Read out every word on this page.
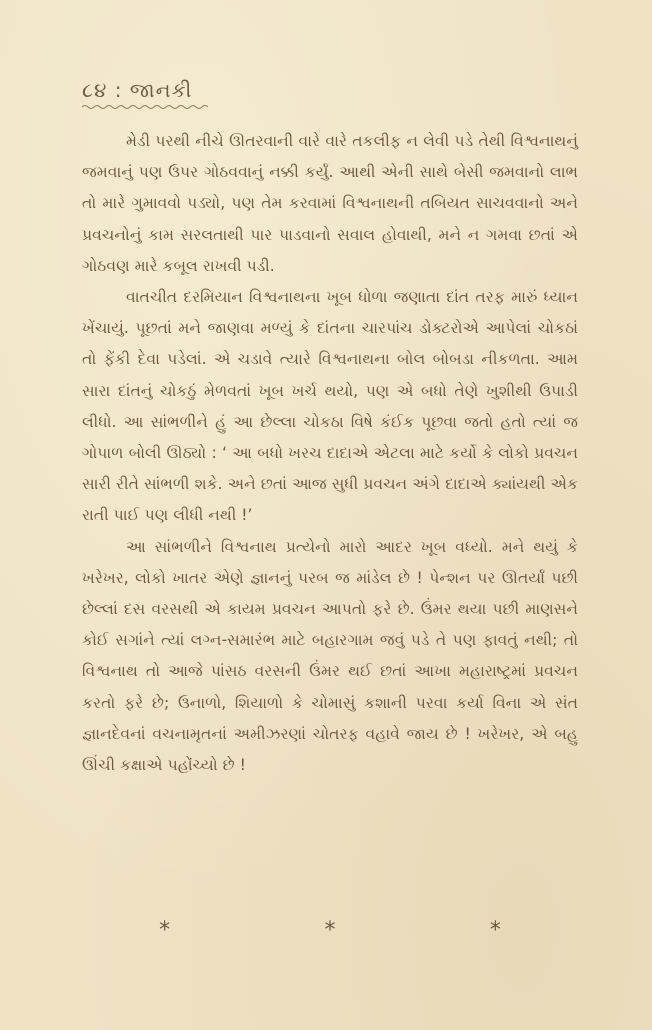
૮૪ : જાનકી

મેડી પરથી નીચે ઊતરવાની વારે વારે તકલીફ ન લેવી પડે તેથી વિશ્વનાથનું જમવાનું પણ ઉપર ગોઠવવાનું નક્કી કર્યું. આથી એની સાથે બેસી જમવાનો લાભ તો મારે ગુમાવવો પડ્યો, પણ તેમ કરવામાં વિશ્વનાથની તબિયત સાચવવાનો અને પ્રવચનોનું કામ સરલતાથી પાર પાડવાનો સવાલ હોવાથી, મને ન ગમવા છતાં એ ગોઠવણ મારે કબૂલ રાખવી પડી.

વાતચીત દરમિયાન વિશ્વનાથના ખૂબ ધોળા જણાતા દાંત તરફ મારું ધ્યાન ખેંચાયું. પૂછતાં મને જાણવા મળ્યું કે દાંતના ચારપાંચ ડોક્ટરોએ આપેલાં ચોકઠાં તો ફેંકી દેવા પડેલાં. એ ચડાવે ત્યારે વિશ્વનાથના બોલ બોબડા નીકળતા. આમ સારા દાંતનું ચોકઠું મેળવતાં ખૂબ ખર્ચ થયો, પણ એ બધો તેણે ખુશીથી ઉપાડી લીધો. આ સાંભળીને હું આ છેલ્લા ચોકઠા વિષે કંઈક પૂછવા જતો હતો ત્યાં જ ગોપાળ બોલી ઊઠ્યો : ‘ આ બધો ખરચ દાદાએ એટલા માટે કર્યો કે લોકો પ્રવચન સારી રીતે સાંભળી શકે. અને છતાં આજ સુધી પ્રવચન અંગે દાદાએ ક્યાંયથી એક રાતી પાઈ પણ લીધી નથી !’

આ સાંભળીને વિશ્વનાથ પ્રત્યેનો મારો આદર ખૂબ વધ્યો. મને થયું કે ખરેખર, લોકો ખાતર એણે જ્ઞાનનું પરબ જ માંડેલ છે ! પેન્શન પર ઊતર્યાં પછી છેલ્લાં દસ વરસથી એ કાયમ પ્રવચન આપતો ફરે છે. ઉંમર થયા પછી માણસને કોઈ સગાંને ત્યાં લગ્ન-સમારંભ માટે બહારગામ જવું પડે તે પણ ફાવતું નથી; તો વિશ્વનાથ તો આજે પાંસઠ વરસની ઉંમર થઈ છતાં આખા મહારાષ્ટ્રમાં પ્રવચન કરતો ફરે છે; ઉનાળો, શિયાળો કે ચોમાસું કશાની પરવા કર્યા વિના એ સંત જ્ઞાનદેવનાં વચનામૃતનાં અમીઝરણાં ચોતરફ વહાવે જાય છે ! ખરેખર, એ બહુ ઊંચી કક્ષાએ પહોંચ્યો છે !

*	*	*
